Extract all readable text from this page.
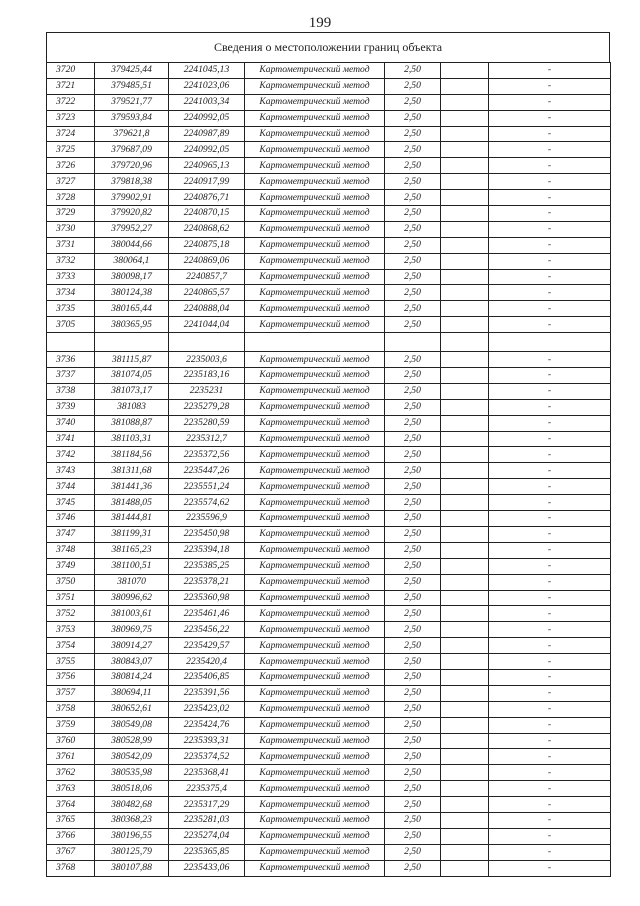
199
Сведения о местоположении границ объекта
3720	379425,44	2241045,13	Картометрический метод	2,50		-
3721	379485,51	2241023,06	Картометрический метод	2,50		-
3722	379521,77	2241003,34	Картометрический метод	2,50		-
3723	379593,84	2240992,05	Картометрический метод	2,50		-
3724	379621,8	2240987,89	Картометрический метод	2,50		-
3725	379687,09	2240992,05	Картометрический метод	2,50		-
3726	379720,96	2240965,13	Картометрический метод	2,50		-
3727	379818,38	2240917,99	Картометрический метод	2,50		-
3728	379902,91	2240876,71	Картометрический метод	2,50		-
3729	379920,82	2240870,15	Картометрический метод	2,50		-
3730	379952,27	2240868,62	Картометрический метод	2,50		-
3731	380044,66	2240875,18	Картометрический метод	2,50		-
3732	380064,1	2240869,06	Картометрический метод	2,50		-
3733	380098,17	2240857,7	Картометрический метод	2,50		-
3734	380124,38	2240865,57	Картометрический метод	2,50		-
3735	380165,44	2240888,04	Картометрический метод	2,50		-
3705	380365,95	2241044,04	Картометрический метод	2,50		-

3736	381115,87	2235003,6	Картометрический метод	2,50		-
3737	381074,05	2235183,16	Картометрический метод	2,50		-
3738	381073,17	2235231	Картометрический метод	2,50		-
3739	381083	2235279,28	Картометрический метод	2,50		-
3740	381088,87	2235280,59	Картометрический метод	2,50		-
3741	381103,31	2235312,7	Картометрический метод	2,50		-
3742	381184,56	2235372,56	Картометрический метод	2,50		-
3743	381311,68	2235447,26	Картометрический метод	2,50		-
3744	381441,36	2235551,24	Картометрический метод	2,50		-
3745	381488,05	2235574,62	Картометрический метод	2,50		-
3746	381444,81	2235596,9	Картометрический метод	2,50		-
3747	381199,31	2235450,98	Картометрический метод	2,50		-
3748	381165,23	2235394,18	Картометрический метод	2,50		-
3749	381100,51	2235385,25	Картометрический метод	2,50		-
3750	381070	2235378,21	Картометрический метод	2,50		-
3751	380996,62	2235360,98	Картометрический метод	2,50		-
3752	381003,61	2235461,46	Картометрический метод	2,50		-
3753	380969,75	2235456,22	Картометрический метод	2,50		-
3754	380914,27	2235429,57	Картометрический метод	2,50		-
3755	380843,07	2235420,4	Картометрический метод	2,50		-
3756	380814,24	2235406,85	Картометрический метод	2,50		-
3757	380694,11	2235391,56	Картометрический метод	2,50		-
3758	380652,61	2235423,02	Картометрический метод	2,50		-
3759	380549,08	2235424,76	Картометрический метод	2,50		-
3760	380528,99	2235393,31	Картометрический метод	2,50		-
3761	380542,09	2235374,52	Картометрический метод	2,50		-
3762	380535,98	2235368,41	Картометрический метод	2,50		-
3763	380518,06	2235375,4	Картометрический метод	2,50		-
3764	380482,68	2235317,29	Картометрический метод	2,50		-
3765	380368,23	2235281,03	Картометрический метод	2,50		-
3766	380196,55	2235274,04	Картометрический метод	2,50		-
3767	380125,79	2235365,85	Картометрический метод	2,50		-
3768	380107,88	2235433,06	Картометрический метод	2,50		-
